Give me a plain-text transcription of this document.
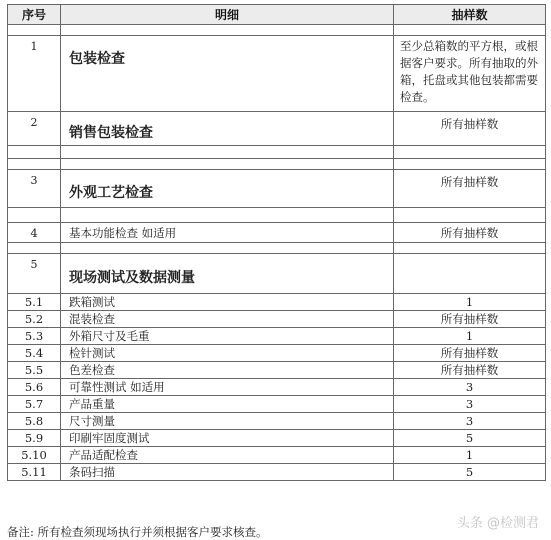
序号	明细	抽样数

1	包装检查	至少总箱数的平方根，或根据客户要求。所有抽取的外箱，托盘或其他包装都需要检查。
2	销售包装检查	所有抽样数

3	外观工艺检查	所有抽样数

4	基本功能检查 如适用	所有抽样数

5	现场测试及数据测量	
5.1	跌箱测试	1
5.2	混装检查	所有抽样数
5.3	外箱尺寸及毛重	1
5.4	检针测试	所有抽样数
5.5	色差检查	所有抽样数
5.6	可靠性测试 如适用	3
5.7	产品重量	3
5.8	尺寸测量	3
5.9	印刷牢固度测试	5
5.10	产品适配检查	1
5.11	条码扫描	5
头条 @检测君
备注: 所有检查须现场执行并须根据客户要求核查。
